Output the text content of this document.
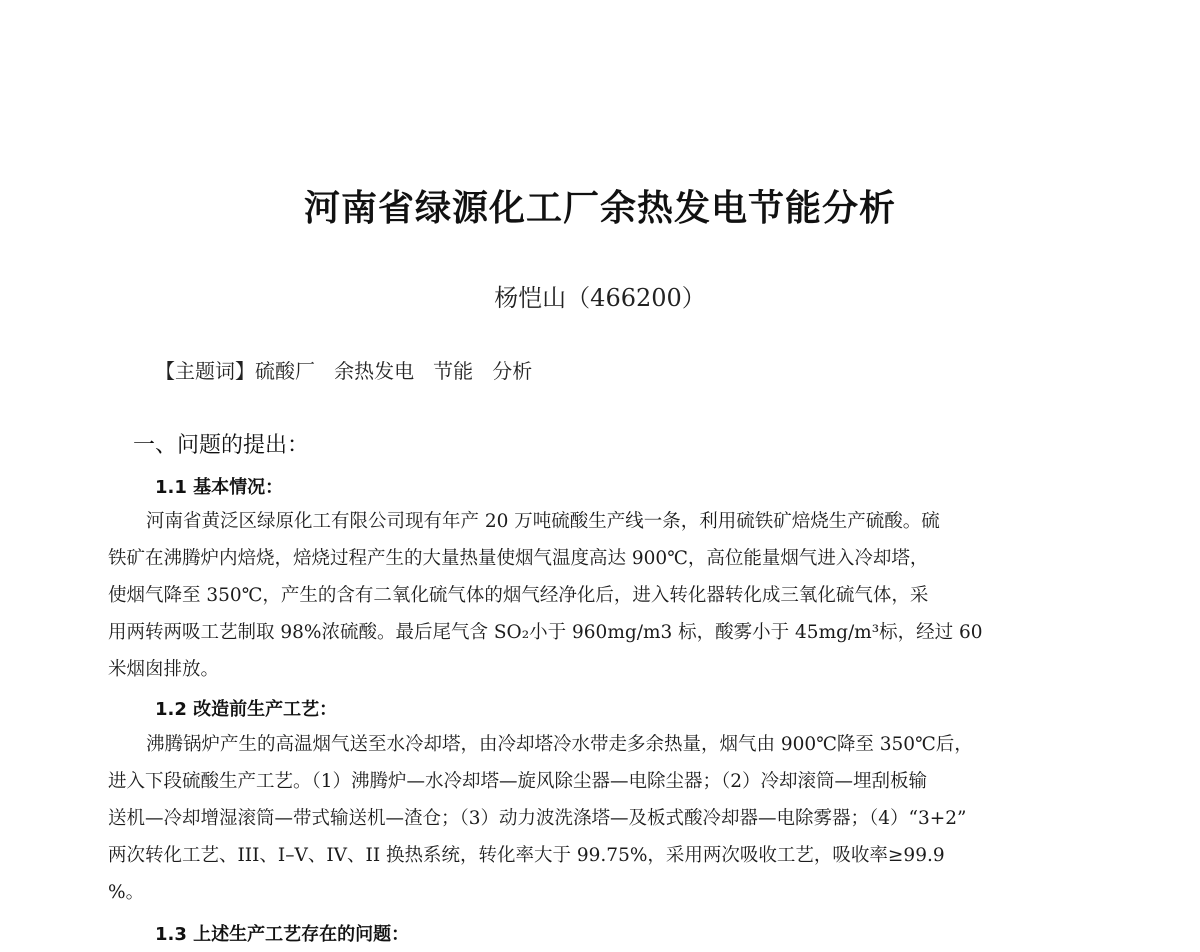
河南省绿源化工厂余热发电节能分析
杨恺山（466200）
【主题词】硫酸厂   余热发电   节能   分析
一、问题的提出：
1.1 基本情况：
河南省黄泛区绿原化工有限公司现有年产 20 万吨硫酸生产线一条，利用硫铁矿焙烧生产硫酸。硫
铁矿在沸腾炉内焙烧，焙烧过程产生的大量热量使烟气温度高达 900℃，高位能量烟气进入冷却塔，
使烟气降至 350℃，产生的含有二氧化硫气体的烟气经净化后，进入转化器转化成三氧化硫气体，采
用两转两吸工艺制取 98%浓硫酸。最后尾气含 SO₂小于 960mg/m3 标，酸雾小于 45mg/m³标，经过 60
米烟囱排放。
1.2 改造前生产工艺：
沸腾锅炉产生的高温烟气送至水冷却塔，由冷却塔冷水带走多余热量，烟气由 900℃降至 350℃后，
进入下段硫酸生产工艺。（1）沸腾炉—水冷却塔—旋风除尘器—电除尘器；（2）冷却滚筒—埋刮板输
送机—冷却增湿滚筒—带式输送机—渣仓；（3）动力波洗涤塔—及板式酸冷却器—电除雾器；（4）“3+2”
两次转化工艺、III、I–V、IV、II 换热系统，转化率大于 99.75%，采用两次吸收工艺，吸收率≥99.9
%。
1.3 上述生产工艺存在的问题：
